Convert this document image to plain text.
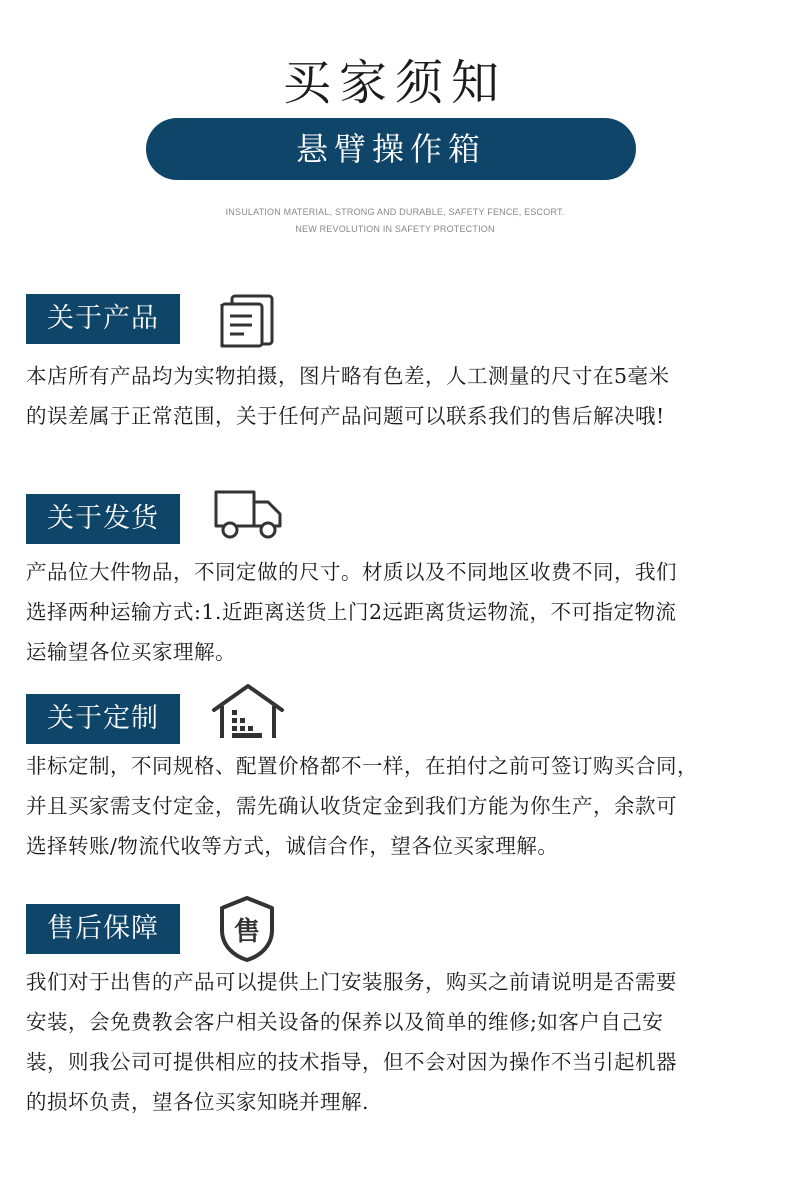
买家须知
悬臂操作箱
INSULATION MATERIAL, STRONG AND DURABLE, SAFETY FENCE, ESCORT.
NEW REVOLUTION IN SAFETY PROTECTION
关于产品
本店所有产品均为实物拍摄，图片略有色差，人工测量的尺寸在5毫米
的误差属于正常范围，关于任何产品问题可以联系我们的售后解决哦!
关于发货
产品位大件物品，不同定做的尺寸。材质以及不同地区收费不同，我们
选择两种运输方式:1.近距离送货上门2远距离货运物流，不可指定物流
运输望各位买家理解。
关于定制
非标定制，不同规格、配置价格都不一样，在拍付之前可签订购买合同，
并且买家需支付定金，需先确认收货定金到我们方能为你生产，余款可
选择转账/物流代收等方式，诚信合作，望各位买家理解。
售后保障	售
我们对于出售的产品可以提供上门安装服务，购买之前请说明是否需要
安装，会免费教会客户相关设备的保养以及简单的维修;如客户自己安
装，则我公司可提供相应的技术指导，但不会对因为操作不当引起机器
的损坏负责，望各位买家知晓并理解.
